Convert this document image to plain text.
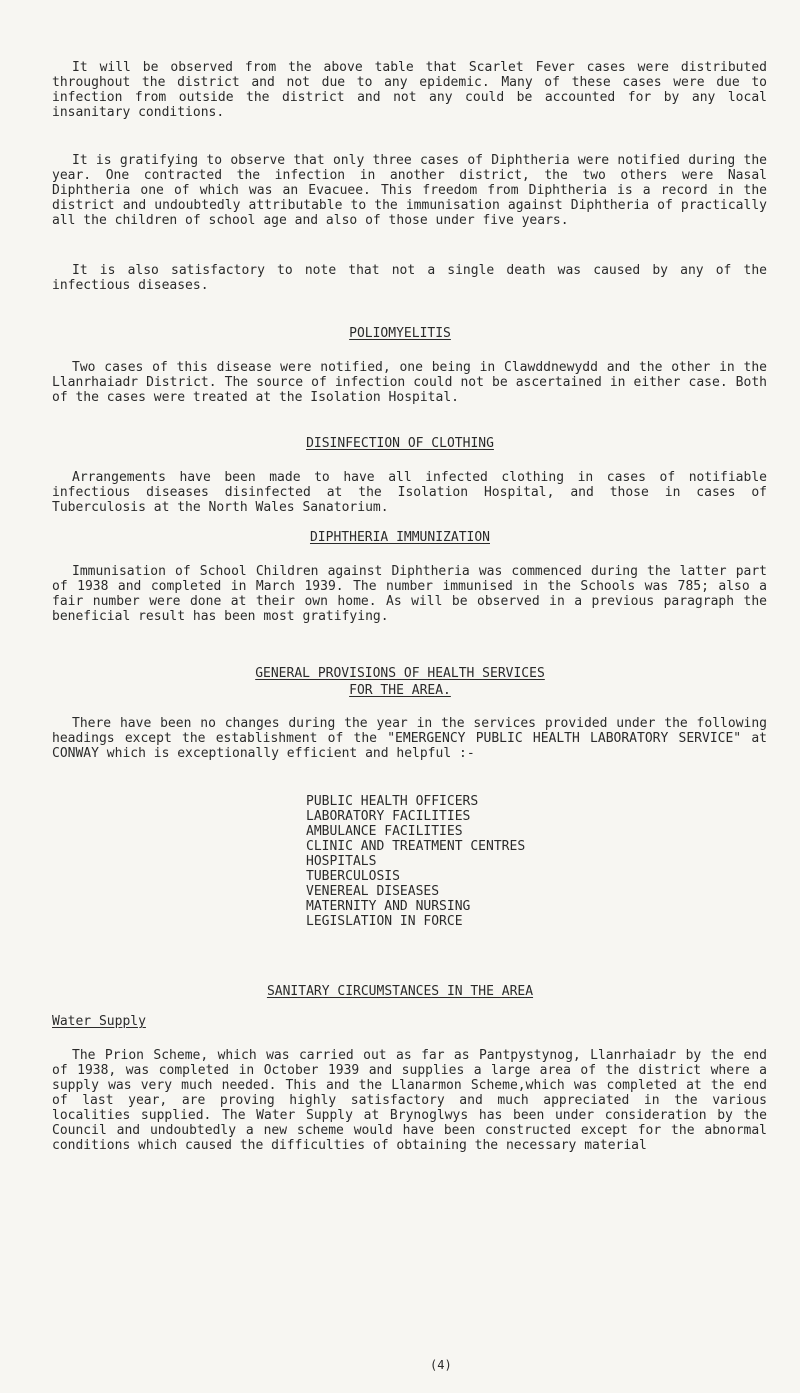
It will be observed from the above table that Scarlet Fever cases were distributed throughout the district and not due to any epidemic. Many of these cases were due to infection from outside the district and not any could be accounted for by any local insanitary conditions.

It is gratifying to observe that only three cases of Diphtheria were notified during the year. One contracted the infection in another district, the two others were Nasal Diphtheria one of which was an Evacuee. This freedom from Diphtheria is a record in the district and undoubtedly attributable to the immunisation against Diphtheria of practically all the children of school age and also of those under five years.

It is also satisfactory to note that not a single death was caused by any of the infectious diseases.

POLIOMYELITIS

Two cases of this disease were notified, one being in Clawddnewydd and the other in the Llanrhaiadr District. The source of infection could not be ascertained in either case. Both of the cases were treated at the Isolation Hospital.

DISINFECTION OF CLOTHING

Arrangements have been made to have all infected clothing in cases of notifiable infectious diseases disinfected at the Isolation Hospital, and those in cases of Tuberculosis at the North Wales Sanatorium.

DIPHTHERIA IMMUNIZATION

Immunisation of School Children against Diphtheria was commenced during the latter part of 1938 and completed in March 1939. The number immunised in the Schools was 785; also a fair number were done at their own home. As will be observed in a previous paragraph the beneficial result has been most gratifying.

GENERAL PROVISIONS OF HEALTH SERVICES
FOR THE AREA.

There have been no changes during the year in the services provided under the following headings except the establishment of the "EMERGENCY PUBLIC HEALTH LABORATORY SERVICE" at CONWAY which is exceptionally efficient and helpful :-

PUBLIC HEALTH OFFICERS
LABORATORY FACILITIES
AMBULANCE FACILITIES
CLINIC AND TREATMENT CENTRES
HOSPITALS
TUBERCULOSIS
VENEREAL DISEASES
MATERNITY AND NURSING
LEGISLATION IN FORCE
SANITARY CIRCUMSTANCES IN THE AREA

Water Supply

The Prion Scheme, which was carried out as far as Pantpystynog, Llanrhaiadr by the end of 1938, was completed in October 1939 and supplies a large area of the district where a supply was very much needed. This and the Llanarmon Scheme,which was completed at the end of last year, are proving highly satisfactory and much appreciated in the various localities supplied. The Water Supply at Brynoglwys has been under consideration by the Council and undoubtedly a new scheme would have been constructed except for the abnormal conditions which caused the difficulties of obtaining the necessary material

(4)
